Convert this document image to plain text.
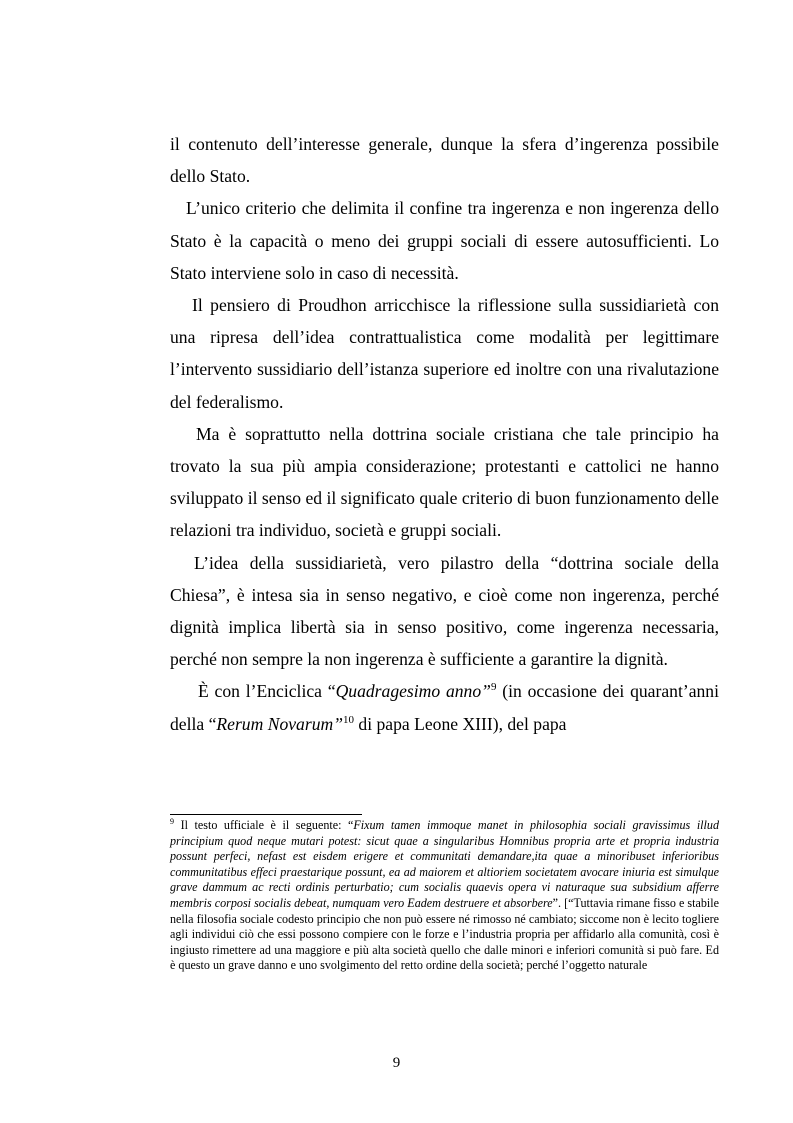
il contenuto dell’interesse generale, dunque la sfera d’ingerenza possibile dello Stato.

L’unico criterio che delimita il confine tra ingerenza e non ingerenza dello Stato è la capacità o meno dei gruppi sociali di essere autosufficienti. Lo Stato interviene solo in caso di necessità.

Il pensiero di Proudhon arricchisce la riflessione sulla sussidiarietà con una ripresa dell’idea contrattualistica come modalità per legittimare l’intervento sussidiario dell’istanza superiore ed inoltre con una rivalutazione del federalismo.

Ma è soprattutto nella dottrina sociale cristiana che tale principio ha trovato la sua più ampia considerazione; protestanti e cattolici ne hanno sviluppato il senso ed il significato quale criterio di buon funzionamento delle relazioni tra individuo, società e gruppi sociali.

L’idea della sussidiarietà, vero pilastro della “dottrina sociale della Chiesa”, è intesa sia in senso negativo, e cioè come non ingerenza, perché dignità implica libertà sia in senso positivo, come ingerenza necessaria, perché non sempre la non ingerenza è sufficiente a garantire la dignità.

È con l’Enciclica “Quadragesimo anno”$^9$ (in occasione dei quarant’anni della “Rerum Novarum”$^{10}$ di papa Leone XIII), del papa

$^9$ Il testo ufficiale è il seguente: “Fixum tamen immoque manet in philosophia sociali gravissimus illud principium quod neque mutari potest: sicut quae a singularibus Homnibus propria arte et propria industria possunt perfeci, nefast est eisdem erigere et communitati demandare,ita quae a minoribuset inferioribus communitatibus effeci praestarique possunt, ea ad maiorem et altioriem societatem avocare iniuria est simulque grave dammum ac recti ordinis perturbatio; cum socialis quaevis opera vi naturaque sua subsidium afferre membris corposi socialis debeat, numquam vero Eadem destruere et absorbere”. [“Tuttavia rimane fisso e stabile nella filosofia sociale codesto principio che non può essere né rimosso né cambiato; siccome non è lecito togliere agli individui ciò che essi possono compiere con le forze e l’industria propria per affidarlo alla comunità, così è ingiusto rimettere ad una maggiore e più alta società quello che dalle minori e inferiori comunità si può fare. Ed è questo un grave danno e uno svolgimento del retto ordine della società; perché l’oggetto naturale

9
